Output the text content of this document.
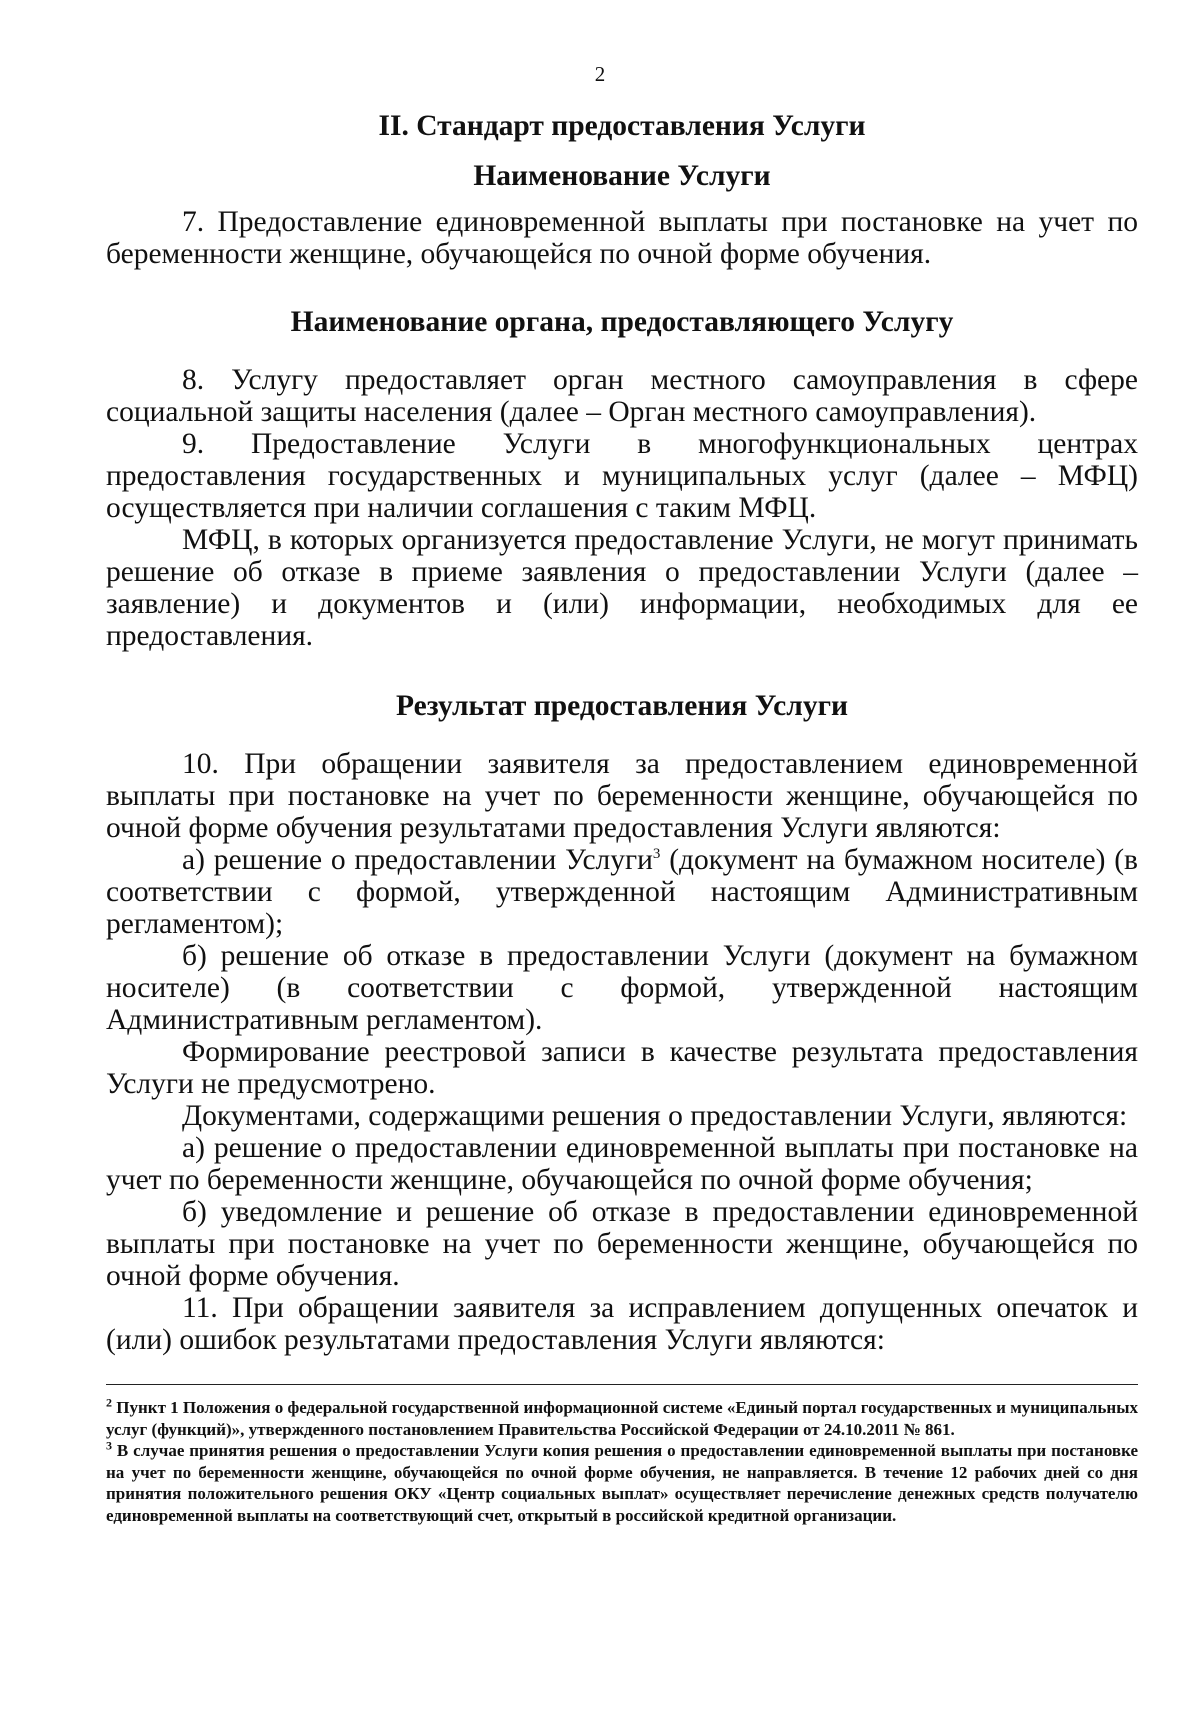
2
II. Стандарт предоставления Услуги
Наименование Услуги

7. Предоставление единовременной выплаты при постановке на учет по беременности женщине, обучающейся по очной форме обучения.

Наименование органа, предоставляющего Услугу

8. Услугу предоставляет орган местного самоуправления в сфере социальной защиты населения (далее – Орган местного самоуправления).

9. Предоставление Услуги в многофункциональных центрах предоставления государственных и муниципальных услуг (далее – МФЦ) осуществляется при наличии соглашения с таким МФЦ.

МФЦ, в которых организуется предоставление Услуги, не могут принимать решение об отказе в приеме заявления о предоставлении Услуги (далее – заявление) и документов и (или) информации, необходимых для ее предоставления.

Результат предоставления Услуги

10. При обращении заявителя за предоставлением единовременной выплаты при постановке на учет по беременности женщине, обучающейся по очной форме обучения результатами предоставления Услуги являются:

а) решение о предоставлении Услуги$^3$ (документ на бумажном носителе) (в соответствии с формой, утвержденной настоящим Административным регламентом);

б) решение об отказе в предоставлении Услуги (документ на бумажном носителе) (в соответствии с формой, утвержденной настоящим Административным регламентом).

Формирование реестровой записи в качестве результата предоставления Услуги не предусмотрено.

Документами, содержащими решения о предоставлении Услуги, являются:

а) решение о предоставлении единовременной выплаты при постановке на учет по беременности женщине, обучающейся по очной форме обучения;

б) уведомление и решение об отказе в предоставлении единовременной выплаты при постановке на учет по беременности женщине, обучающейся по очной форме обучения.

11. При обращении заявителя за исправлением допущенных опечаток и (или) ошибок результатами предоставления Услуги являются:

$^2$ Пункт 1 Положения о федеральной государственной информационной системе «Единый портал государственных и муниципальных услуг (функций)», утвержденного постановлением Правительства Российской Федерации от 24.10.2011 № 861.
$^3$ В случае принятия решения о предоставлении Услуги копия решения о предоставлении единовременной выплаты при постановке на учет по беременности женщине, обучающейся по очной форме обучения, не направляется. В течение 12 рабочих дней со дня принятия положительного решения ОКУ «Центр социальных выплат» осуществляет перечисление денежных средств получателю единовременной выплаты на соответствующий счет, открытый в российской кредитной организации.
